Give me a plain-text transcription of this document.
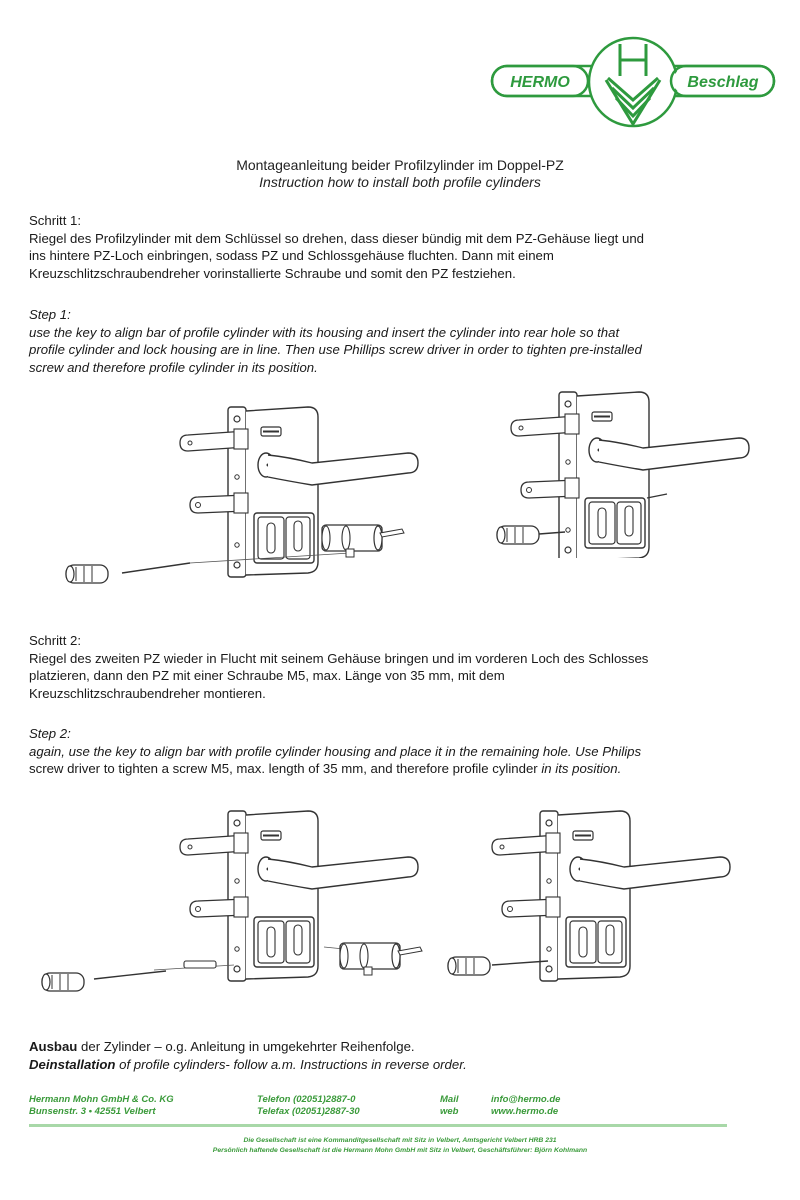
HERMO	Beschlag
Montageanleitung beider Profilzylinder im Doppel-PZ
Instruction how to install both profile cylinders
Schritt 1:
Riegel des Profilzylinder mit dem Schlüssel so drehen, dass dieser bündig mit dem PZ-Gehäuse liegt und
ins hintere PZ-Loch einbringen, sodass PZ und Schlossgehäuse fluchten. Dann mit einem
Kreuzschlitzschraubendreher vorinstallierte Schraube und somit den PZ festziehen.
Step 1:
use the key to align bar of profile cylinder with its housing and insert the cylinder into rear hole so that
profile cylinder and lock housing are in line. Then use Phillips screw driver in order to tighten pre-installed
screw and therefore profile cylinder in its position.
Schritt 2:
Riegel des zweiten PZ wieder in Flucht mit seinem Gehäuse bringen und im vorderen Loch des Schlosses
platzieren, dann den PZ mit einer Schraube M5, max. Länge von 35 mm, mit dem
Kreuzschlitzschraubendreher montieren.
Step 2:
again, use the key to align bar with profile cylinder housing and place it in the remaining hole. Use Philips
screw driver to tighten a screw M5, max. length of 35 mm, and therefore profile cylinder in its position.
Ausbau der Zylinder – o.g. Anleitung in umgekehrter Reihenfolge.
Deinstallation of profile cylinders- follow a.m. Instructions in reverse order.
Hermann Mohn GmbH & Co. KG
Bunsenstr. 3 • 42551 Velbert
Telefon (02051)2887-0
Telefax (02051)2887-30
Mail
web
info@hermo.de
www.hermo.de
Die Gesellschaft ist eine Kommanditgesellschaft mit Sitz in Velbert, Amtsgericht Velbert HRB 231
Persönlich haftende Gesellschaft ist die Hermann Mohn GmbH mit Sitz in Velbert, Geschäftsführer: Björn Kohlmann
